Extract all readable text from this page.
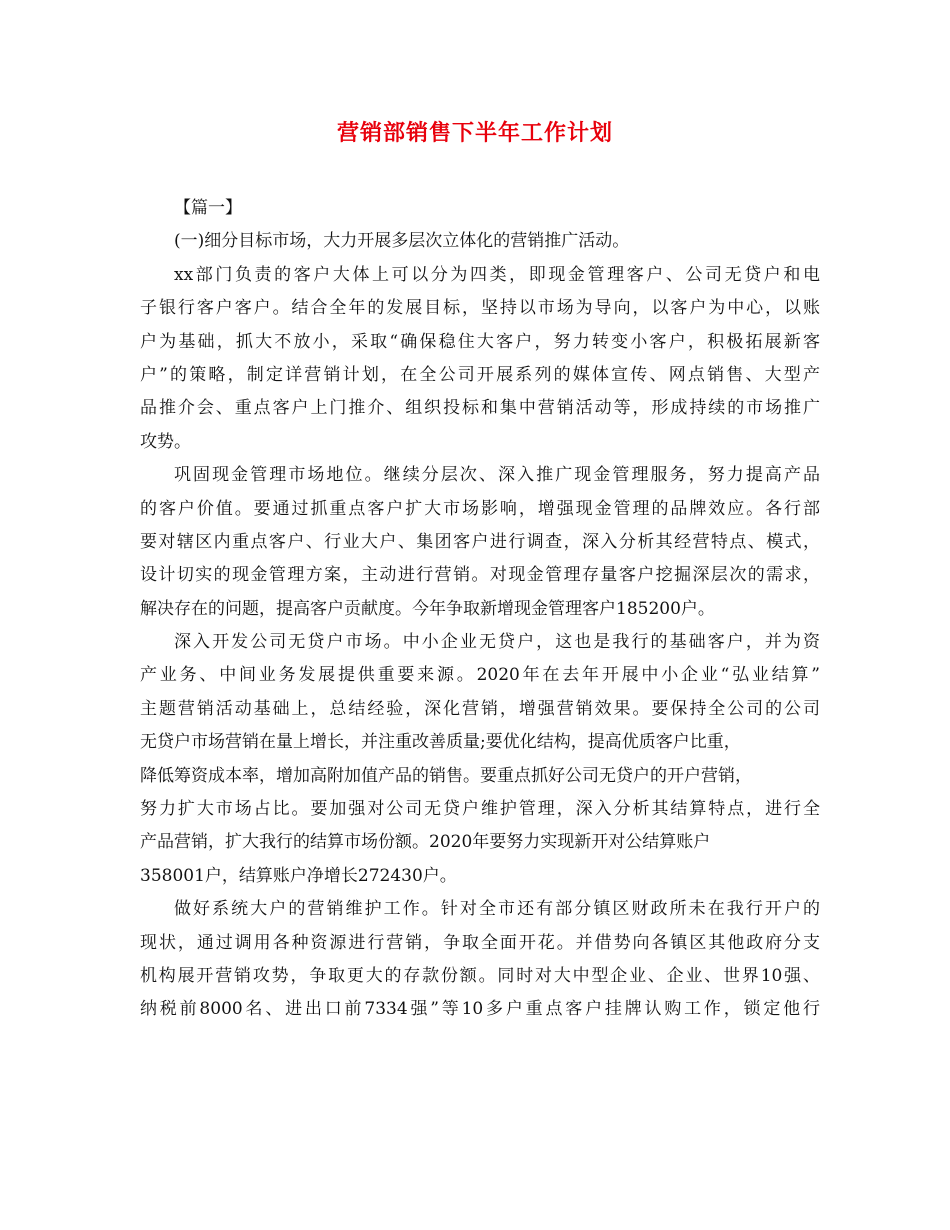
营销部销售下半年工作计划
【篇一】
(一)细分目标市场，大力开展多层次立体化的营销推广活动。
xx部门负责的客户大体上可以分为四类，即现金管理客户、公司无贷户和电
子银行客户客户。结合全年的发展目标，坚持以市场为导向，以客户为中心，以账
户为基础，抓大不放小，采取“确保稳住大客户，努力转变小客户，积极拓展新客
户”的策略，制定详营销计划，在全公司开展系列的媒体宣传、网点销售、大型产
品推介会、重点客户上门推介、组织投标和集中营销活动等，形成持续的市场推广
攻势。
巩固现金管理市场地位。继续分层次、深入推广现金管理服务，努力提高产品
的客户价值。要通过抓重点客户扩大市场影响，增强现金管理的品牌效应。各行部
要对辖区内重点客户、行业大户、集团客户进行调查，深入分析其经营特点、模式，
设计切实的现金管理方案，主动进行营销。对现金管理存量客户挖掘深层次的需求，
解决存在的问题，提高客户贡献度。今年争取新增现金管理客户185200户。
深入开发公司无贷户市场。中小企业无贷户，这也是我行的基础客户，并为资
产业务、中间业务发展提供重要来源。2020年在去年开展中小企业“弘业结算”
主题营销活动基础上，总结经验，深化营销，增强营销效果。要保持全公司的公司
无贷户市场营销在量上增长，并注重改善质量;要优化结构，提高优质客户比重，
降低筹资成本率，增加高附加值产品的销售。要重点抓好公司无贷户的开户营销，
努力扩大市场占比。要加强对公司无贷户维护管理，深入分析其结算特点，进行全
产品营销，扩大我行的结算市场份额。2020年要努力实现新开对公结算账户
358001户，结算账户净增长272430户。
做好系统大户的营销维护工作。针对全市还有部分镇区财政所未在我行开户的
现状，通过调用各种资源进行营销，争取全面开花。并借势向各镇区其他政府分支
机构展开营销攻势，争取更大的存款份额。同时对大中型企业、企业、世界10强、
纳税前8000名、进出口前7334强”等10多户重点客户挂牌认购工作，锁定他行
